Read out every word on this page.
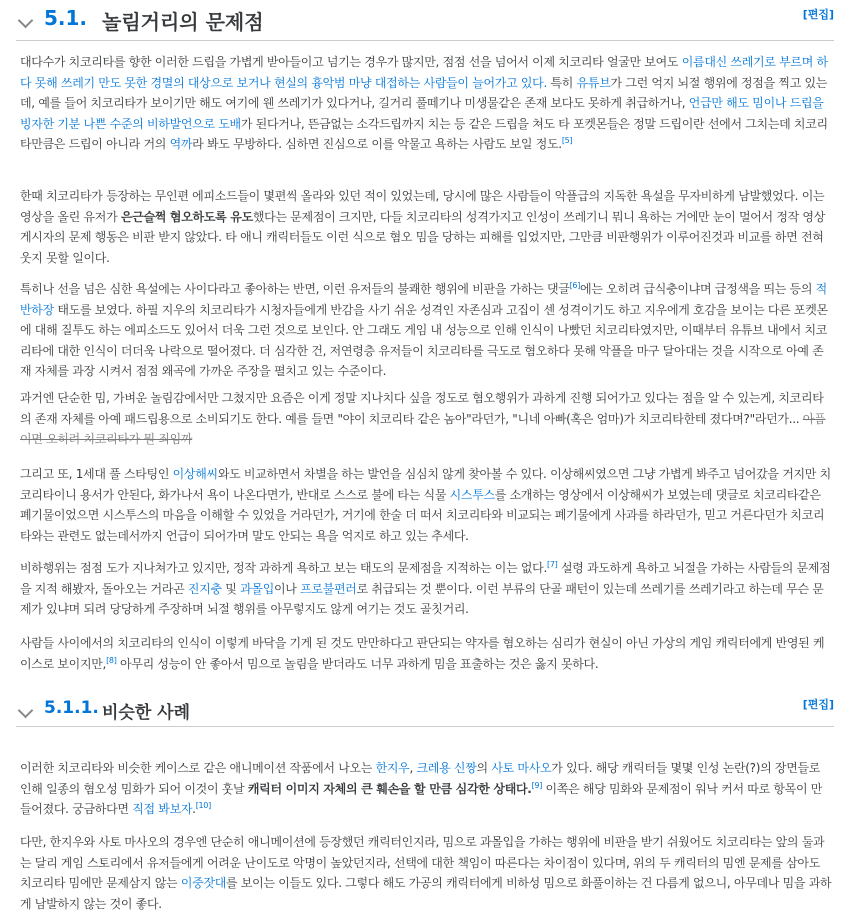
5.1. 놀림거리의 문제점	[편집]

대다수가 치코리타를 향한 이러한 드립을 가볍게 받아들이고 넘기는 경우가 많지만, 점점 선을 넘어서 이제 치코리타 얼굴만 보여도 이름대신 쓰레기로 부르며 하다 못해 쓰레기 만도 못한 경멸의 대상으로 보거나 현실의 흉악범 마냥 대접하는 사람들이 늘어가고 있다. 특히 유튜브가 그런 억지 뇌절 행위에 정점을 찍고 있는데, 예를 들어 치코리타가 보이기만 해도 여기에 웬 쓰레기가 있다거나, 길거리 풀떼기나 미생물같은 존재 보다도 못하게 취급하거나, 언급만 해도 밈이나 드립을 빙자한 기분 나쁜 수준의 비하발언으로 도배가 된다거나, 뜬금없는 소각드립까지 치는 등 같은 드립을 쳐도 타 포켓몬들은 정말 드립이란 선에서 그치는데 치코리타만큼은 드립이 아니라 거의 역까라 봐도 무방하다. 심하면 진심으로 이를 악물고 욕하는 사람도 보일 정도.[5]

한때 치코리타가 등장하는 무인편 에피소드들이 몇편씩 올라와 있던 적이 있었는데, 당시에 많은 사람들이 악플급의 지독한 욕설을 무자비하게 남발했었다. 이는 영상을 올린 유저가 은근슬쩍 혐오하도록 유도했다는 문제점이 크지만, 다들 치코리타의 성격가지고 인성이 쓰레기니 뭐니 욕하는 거에만 눈이 멀어서 정작 영상 게시자의 문제 행동은 비판 받지 않았다. 타 애니 캐릭터들도 이런 식으로 혐오 밈을 당하는 피해를 입었지만, 그만큼 비판행위가 이루어진것과 비교를 하면 전혀 웃지 못할 일이다.

특히나 선을 넘은 심한 욕설에는 사이다라고 좋아하는 반면, 이런 유저들의 불쾌한 행위에 비판을 가하는 댓글[6]에는 오히려 급식충이냐며 급정색을 띄는 등의 적반하장 태도를 보였다. 하필 지우의 치코리타가 시청자들에게 반감을 사기 쉬운 성격인 자존심과 고집이 센 성격이기도 하고 지우에게 호감을 보이는 다른 포켓몬에 대해 질투도 하는 에피소드도 있어서 더욱 그런 것으로 보인다. 안 그래도 게임 내 성능으로 인해 인식이 나빴던 치코리타였지만, 이때부터 유튜브 내에서 치코리타에 대한 인식이 더더욱 나락으로 떨어졌다. 더 심각한 건, 저연령층 유저들이 치코리타를 극도로 혐오하다 못해 악플을 마구 달아대는 것을 시작으로 아예 존재 자체를 과장 시켜서 점점 왜곡에 가까운 주장을 펼치고 있는 수준이다.

과거엔 단순한 밈, 가벼운 놀림감에서만 그쳤지만 요즘은 이게 정말 지나치다 싶을 정도로 혐오행위가 과하게 진행 되어가고 있다는 점을 알 수 있는게, 치코리타의 존재 자체를 아예 패드립용으로 소비되기도 한다. 예를 들면 "야이 치코리타 같은 놈아"라던가, "니네 아빠(혹은 엄마)가 치코리타한테 졌다며?"라던가... 아픔이면 오히려 치코리타가 뭔 죄임까

그리고 또, 1세대 풀 스타팅인 이상해씨와도 비교하면서 차별을 하는 발언을 심심치 않게 찾아볼 수 있다. 이상해씨였으면 그냥 가볍게 봐주고 넘어갔을 거지만 치코리타이니 용서가 안된다, 화가나서 욕이 나온다면가, 반대로 스스로 불에 타는 식물 시스투스를 소개하는 영상에서 이상해씨가 보였는데 댓글로 치코리타같은 폐기물이었으면 시스투스의 마음을 이해할 수 있었을 거라던가, 거기에 한술 더 떠서 치코리타와 비교되는 폐기물에게 사과를 하라던가, 믿고 거른다던가 치코리타와는 관련도 없는데서까지 언급이 되어가며 말도 안되는 욕을 억지로 하고 있는 추세다.

비하행위는 점점 도가 지나쳐가고 있지만, 정작 과하게 욕하고 보는 태도의 문제점을 지적하는 이는 없다.[7] 설령 과도하게 욕하고 뇌절을 가하는 사람들의 문제점을 지적 해봤자, 돌아오는 거라곤 진지충 및 과몰입이나 프로불편러로 취급되는 것 뿐이다. 이런 부류의 단골 패턴이 있는데 쓰레기를 쓰레기라고 하는데 무슨 문제가 있냐며 되려 당당하게 주장하며 뇌절 행위를 아무렇지도 않게 여기는 것도 골칫거리.

사람들 사이에서의 치코리타의 인식이 이렇게 바닥을 기게 된 것도 만만하다고 판단되는 약자를 혐오하는 심리가 현실이 아닌 가상의 게임 캐릭터에게 반영된 케이스로 보이지만,[8] 아무리 성능이 안 좋아서 밈으로 놀림을 받더라도 너무 과하게 밈을 표출하는 것은 옳지 못하다.

5.1.1. 비슷한 사례	[편집]

이러한 치코리타와 비슷한 케이스로 같은 애니메이션 작품에서 나오는 한지우, 크레용 신짱의 사토 마사오가 있다. 해당 캐릭터들 몇몇 인성 논란(?)의 장면들로 인해 일종의 혐오성 밈화가 되어 이것이 훗날 캐릭터 이미지 자체의 큰 훼손을 할 만큼 심각한 상태다.[9] 이쪽은 해당 밈화와 문제점이 워낙 커서 따로 항목이 만들어졌다. 궁금하다면 직접 봐보자.[10]

다만, 한지우와 사토 마사오의 경우엔 단순히 애니메이션에 등장했던 캐릭터인지라, 밈으로 과몰입을 가하는 행위에 비판을 받기 쉬웠어도 치코리타는 앞의 둘과는 달리 게임 스토리에서 유저들에게 어려운 난이도로 악명이 높았던지라, 선택에 대한 책임이 따른다는 차이점이 있다며, 위의 두 캐릭터의 밈엔 문제를 삼아도 치코리타 밈에만 문제삼지 않는 이중잣대를 보이는 이들도 있다. 그렇다 해도 가공의 캐릭터에게 비하성 밈으로 화풀이하는 건 다름게 없으니, 아무데나 밈을 과하게 남발하지 않는 것이 좋다.
